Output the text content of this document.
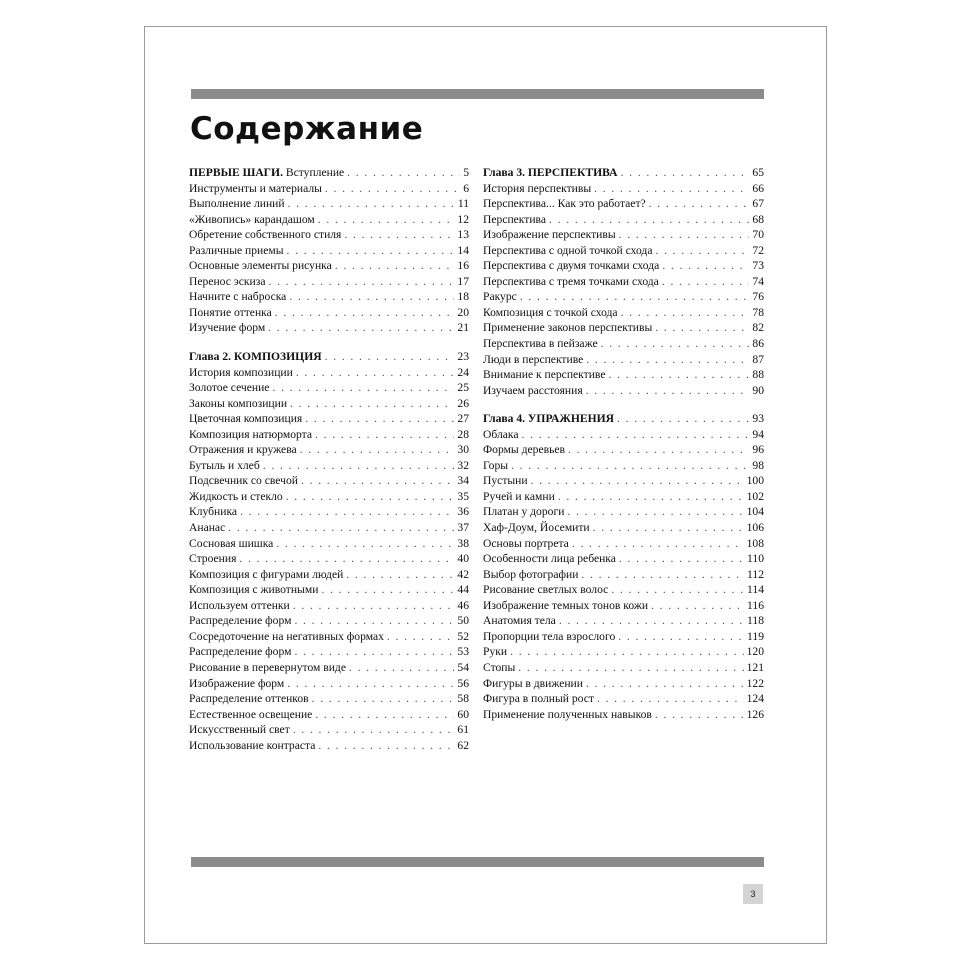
Содержание
ПЕРВЫЕ ШАГИ. Вступление . . .	5
Инструменты и материалы . . .	6
Выполнение линий . . .	11
«Живопись» карандашом . . .	12
Обретение собственного стиля . . .	13
Различные приемы . . .	14
Основные элементы рисунка . . .	16
Перенос эскиза . . .	17
Начните с наброска . . .	18
Понятие оттенка . . .	20
Изучение форм . . .	21
Глава 2. КОМПОЗИЦИЯ . . .	23
История композиции . . .	24
Золотое сечение . . .	25
Законы композиции . . .	26
Цветочная композиция . . .	27
Композиция натюрморта . . .	28
Отражения и кружева . . .	30
Бутыль и хлеб . . .	32
Подсвечник со свечой . . .	34
Жидкость и стекло . . .	35
Клубника . . .	36
Ананас . . .	37
Сосновая шишка . . .	38
Строения . . .	40
Композиция с фигурами людей . . .	42
Композиция с животными . . .	44
Используем оттенки . . .	46
Распределение форм . . .	50
Сосредоточение на негативных формах . . .	52
Распределение форм . . .	53
Рисование в перевернутом виде . . .	54
Изображение форм . . .	56
Распределение оттенков . . .	58
Естественное освещение . . .	60
Искусственный свет . . .	61
Использование контраста . . .	62
Глава 3. ПЕРСПЕКТИВА . . .	65
История перспективы . . .	66
Перспектива... Как это работает? . . .	67
Перспектива . . .	68
Изображение перспективы . . .	70
Перспектива с одной точкой схода . . .	72
Перспектива с двумя точками схода . . .	73
Перспектива с тремя точками схода . . .	74
Ракурс . . .	76
Композиция с точкой схода . . .	78
Применение законов перспективы . . .	82
Перспектива в пейзаже . . .	86
Люди в перспективе . . .	87
Внимание к перспективе . . .	88
Изучаем расстояния . . .	90
Глава 4. УПРАЖНЕНИЯ . . .	93
Облака . . .	94
Формы деревьев . . .	96
Горы . . .	98
Пустыни . . .	100
Ручей и камни . . .	102
Платан у дороги . . .	104
Хаф-Доум, Йосемити . . .	106
Основы портрета . . .	108
Особенности лица ребенка . . .	110
Выбор фотографии . . .	112
Рисование светлых волос . . .	114
Изображение темных тонов кожи . . .	116
Анатомия тела . . .	118
Пропорции тела взрослого . . .	119
Руки . . .	120
Стопы . . .	121
Фигуры в движении . . .	122
Фигура в полный рост . . .	124
Применение полученных навыков . . .	126
3
